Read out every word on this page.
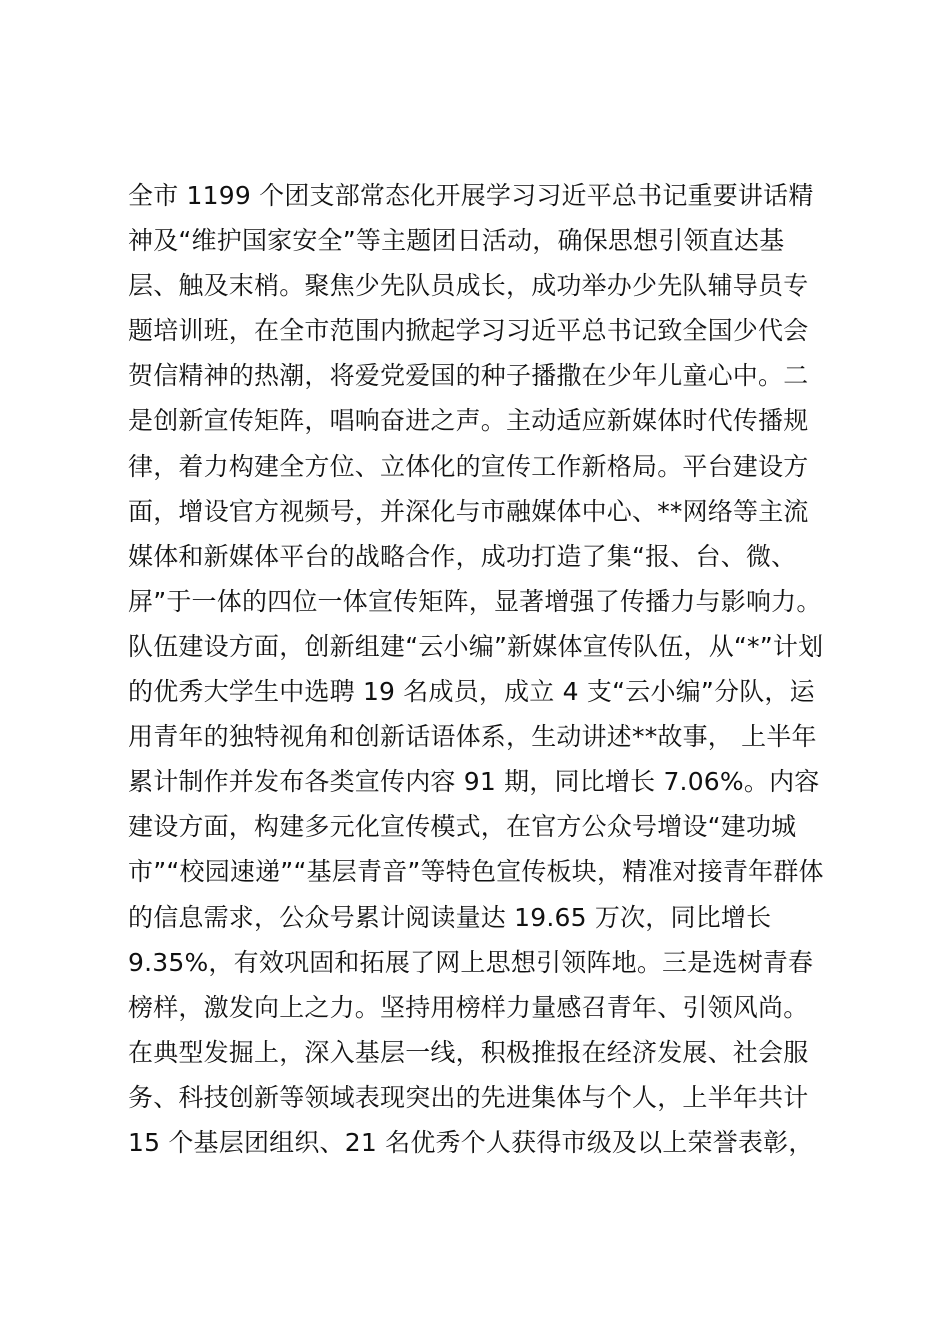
全市 1199 个团支部常态化开展学习习近平总书记重要讲话精
神及“维护国家安全”等主题团日活动，确保思想引领直达基
层、触及末梢。聚焦少先队员成长，成功举办少先队辅导员专
题培训班，在全市范围内掀起学习习近平总书记致全国少代会
贺信精神的热潮，将爱党爱国的种子播撒在少年儿童心中。二
是创新宣传矩阵，唱响奋进之声。主动适应新媒体时代传播规
律，着力构建全方位、立体化的宣传工作新格局。平台建设方
面，增设官方视频号，并深化与市融媒体中心、**网络等主流
媒体和新媒体平台的战略合作，成功打造了集“报、台、微、
屏”于一体的四位一体宣传矩阵，显著增强了传播力与影响力。
队伍建设方面，创新组建“云小编”新媒体宣传队伍，从“*”计划
的优秀大学生中选聘 19 名成员，成立 4 支“云小编”分队，运
用青年的独特视角和创新话语体系，生动讲述**故事， 上半年
累计制作并发布各类宣传内容 91 期，同比增长 7.06%。内容
建设方面，构建多元化宣传模式，在官方公众号增设“建功城
市”“校园速递”“基层青音”等特色宣传板块，精准对接青年群体
的信息需求，公众号累计阅读量达 19.65 万次，同比增长
9.35%，有效巩固和拓展了网上思想引领阵地。三是选树青春
榜样，激发向上之力。坚持用榜样力量感召青年、引领风尚。
在典型发掘上，深入基层一线，积极推报在经济发展、社会服
务、科技创新等领域表现突出的先进集体与个人，上半年共计
15 个基层团组织、21 名优秀个人获得市级及以上荣誉表彰，
